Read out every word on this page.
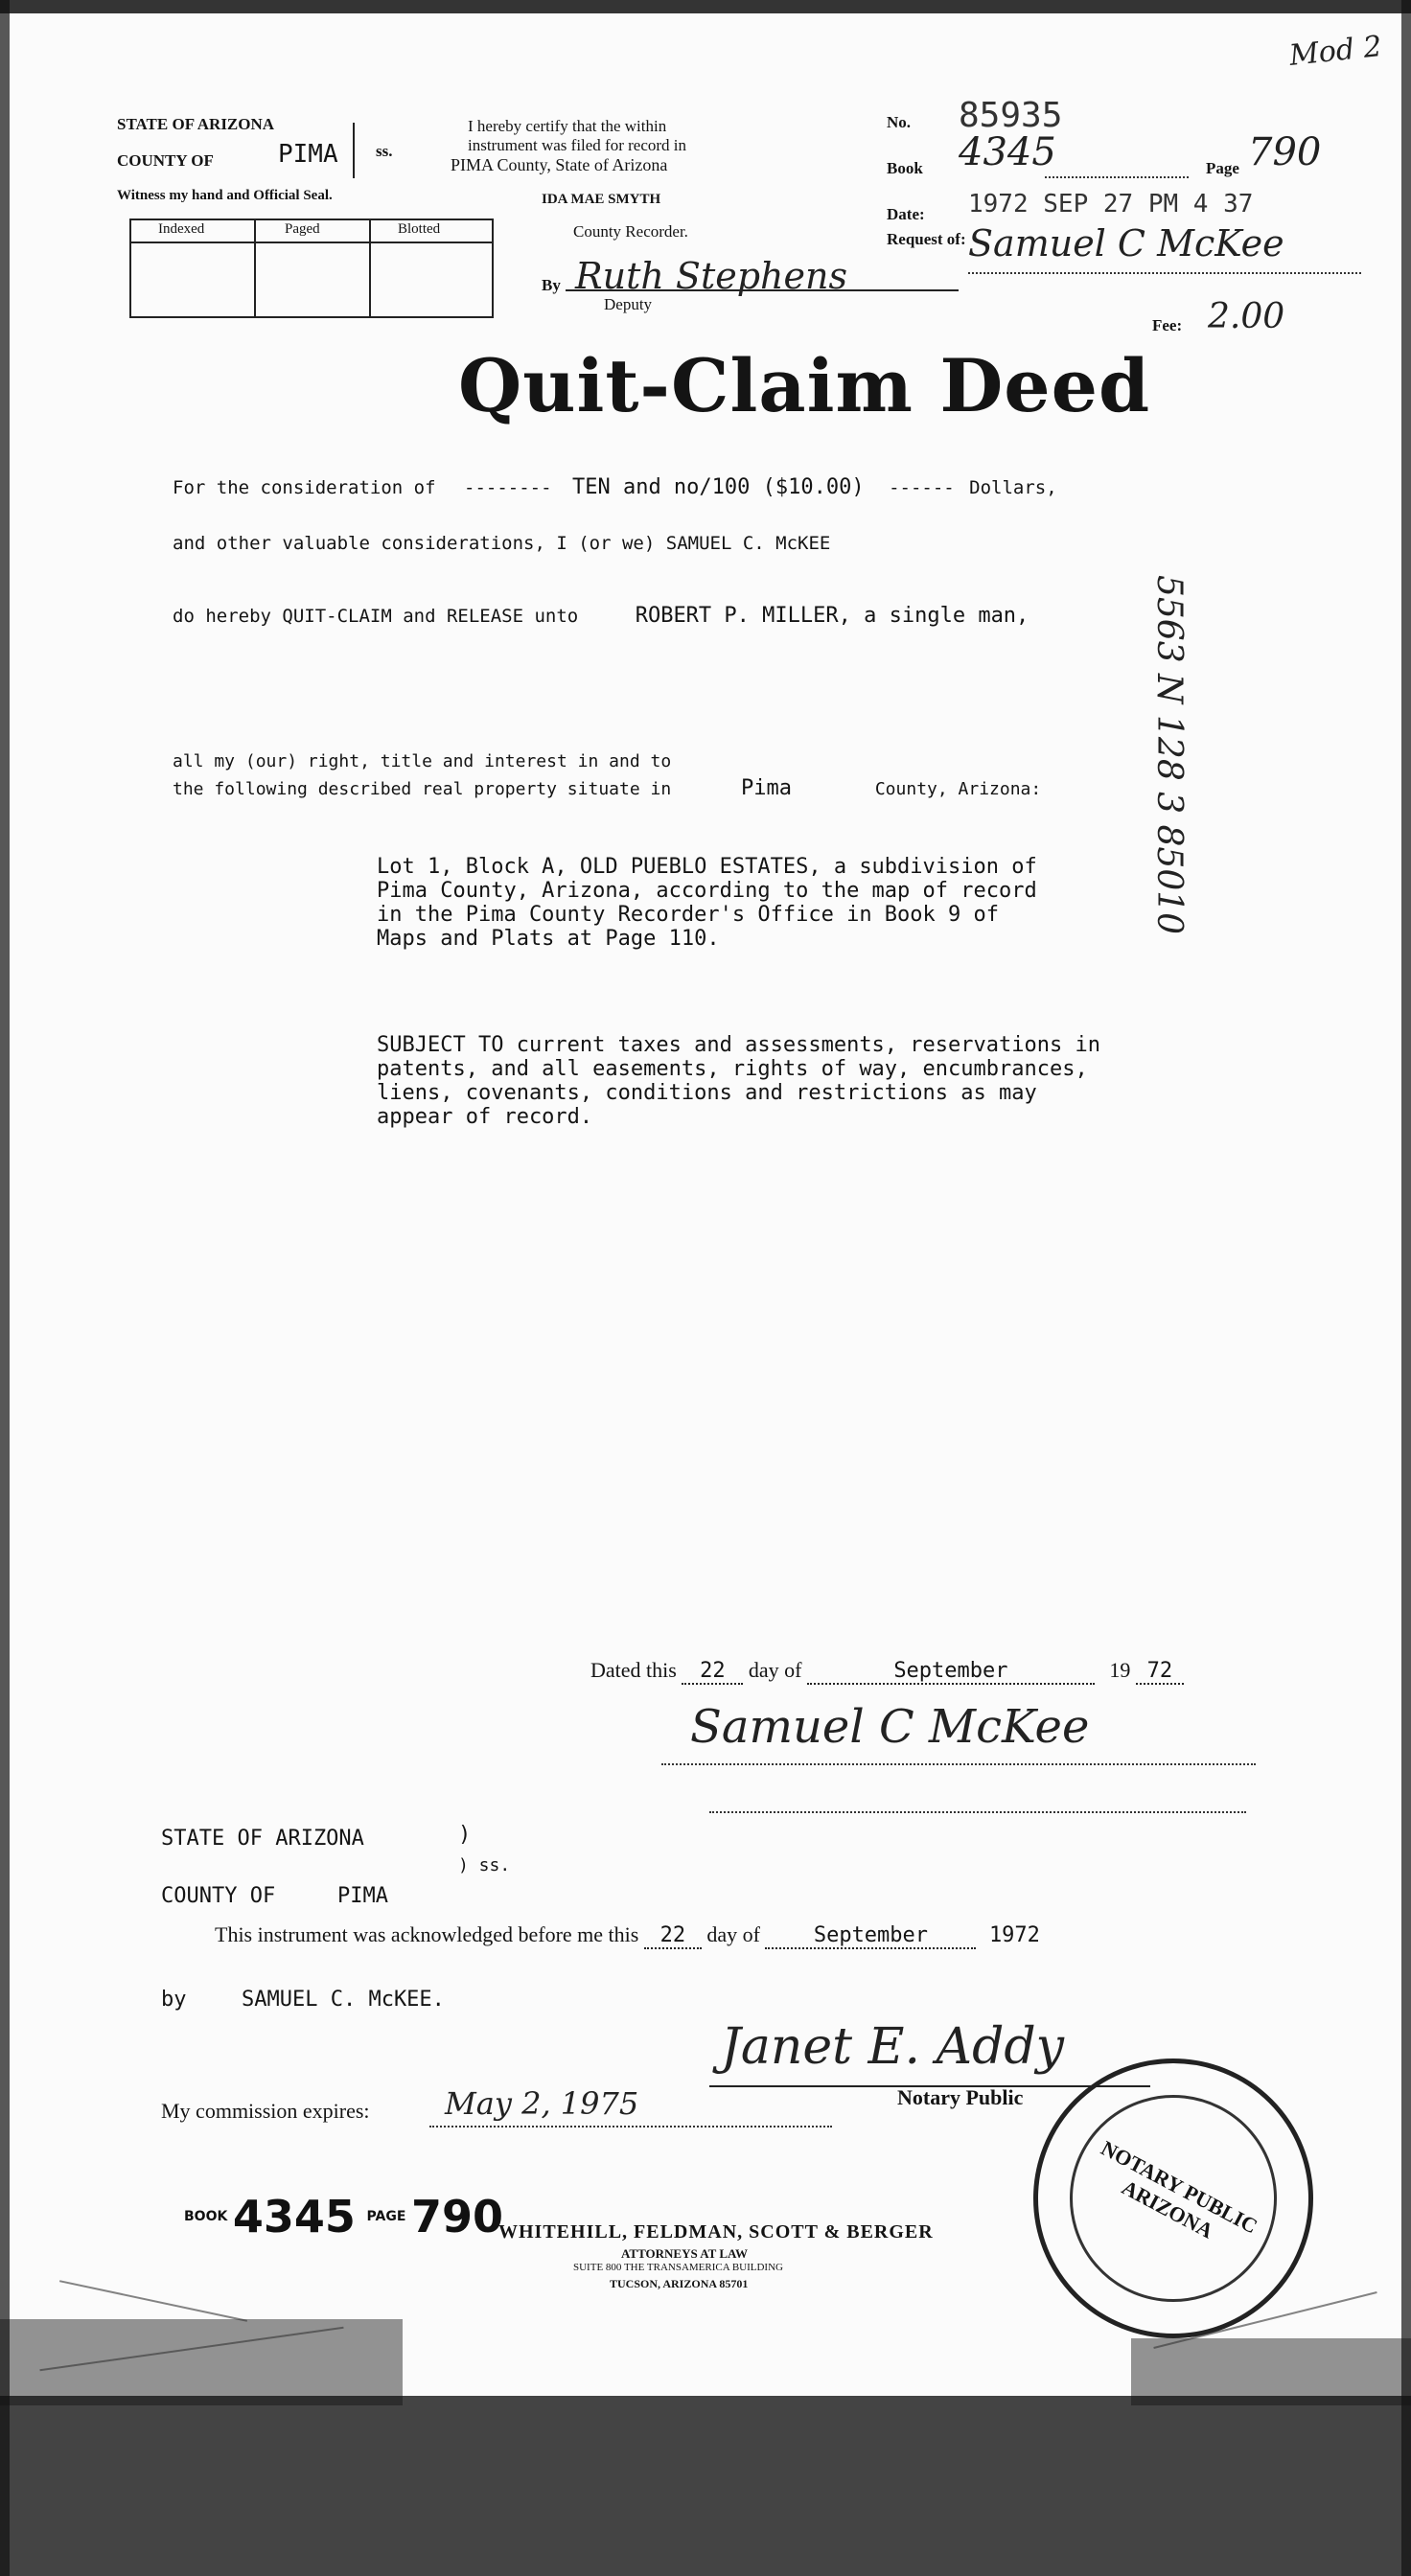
Mod 2
5563 N 128 3 85010
STATE OF ARIZONA
COUNTY OF	PIMA ss.
Witness my hand and Official Seal.
Indexed	Paged	Blotted
I hereby certify that the within
instrument was filed for record in
PIMA County, State of Arizona
IDA MAE SMYTH
County Recorder.
By Ruth Stephens
Deputy
No. 85935
Book 4345	Page 790
Date: 1972 SEP 27 PM 4 37
Request of: Samuel C McKee
Fee: 2.00
Quit-Claim Deed
For the consideration of -------- TEN and no/100 ($10.00) ------ Dollars,
and other valuable considerations, I (or we) SAMUEL C. McKEE
do hereby QUIT-CLAIM and RELEASE unto	ROBERT P. MILLER, a single man,
all my (our) right, title and interest in and to
the following described real property situate in	Pima	County, Arizona:
Lot 1, Block A, OLD PUEBLO ESTATES, a subdivision of Pima County, Arizona, according to the map of record in the Pima County Recorder's Office in Book 9 of Maps and Plats at Page 110.
SUBJECT TO current taxes and assessments, reservations in patents, and all easements, rights of way, encumbrances, liens, covenants, conditions and restrictions as may appear of record.
Dated this 22 day of	September	19 72
Samuel C McKee
STATE OF ARIZONA	)
) ss.
COUNTY OF	PIMA
This instrument was acknowledged before me this 22 day of	September	1972
by	SAMUEL C. McKEE.
Janet E. Addy
Notary Public
My commission expires: May 2, 1975
NOTARY PUBLIC ARIZONA
BOOK 4345 PAGE 790
WHITEHILL, FELDMAN, SCOTT & BERGER
ATTORNEYS AT LAW
SUITE 800 THE TRANSAMERICA BUILDING
TUCSON, ARIZONA 85701
